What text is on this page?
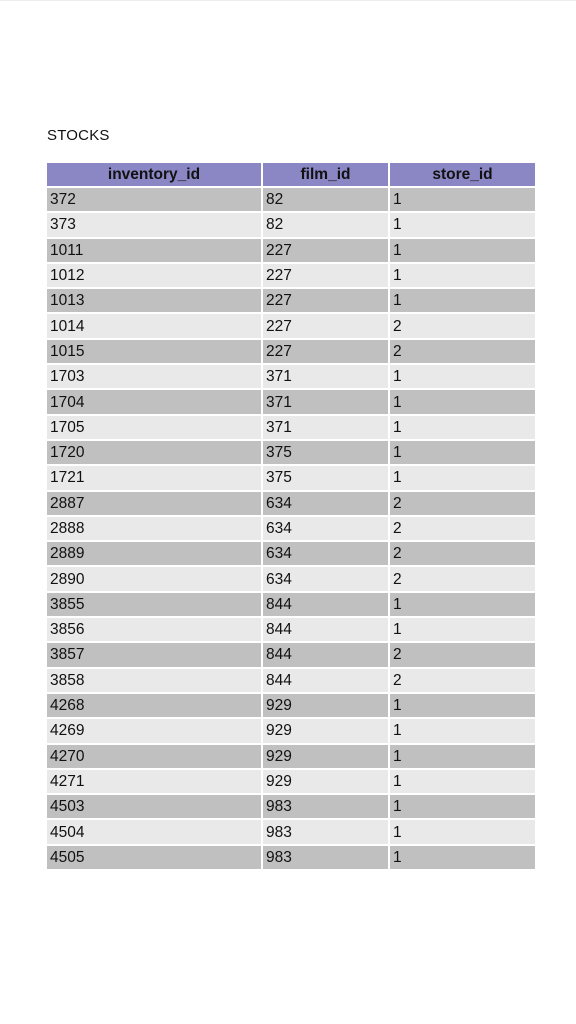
STOCKS
inventory_id	film_id	store_id
372	82	1
373	82	1
1011	227	1
1012	227	1
1013	227	1
1014	227	2
1015	227	2
1703	371	1
1704	371	1
1705	371	1
1720	375	1
1721	375	1
2887	634	2
2888	634	2
2889	634	2
2890	634	2
3855	844	1
3856	844	1
3857	844	2
3858	844	2
4268	929	1
4269	929	1
4270	929	1
4271	929	1
4503	983	1
4504	983	1
4505	983	1
